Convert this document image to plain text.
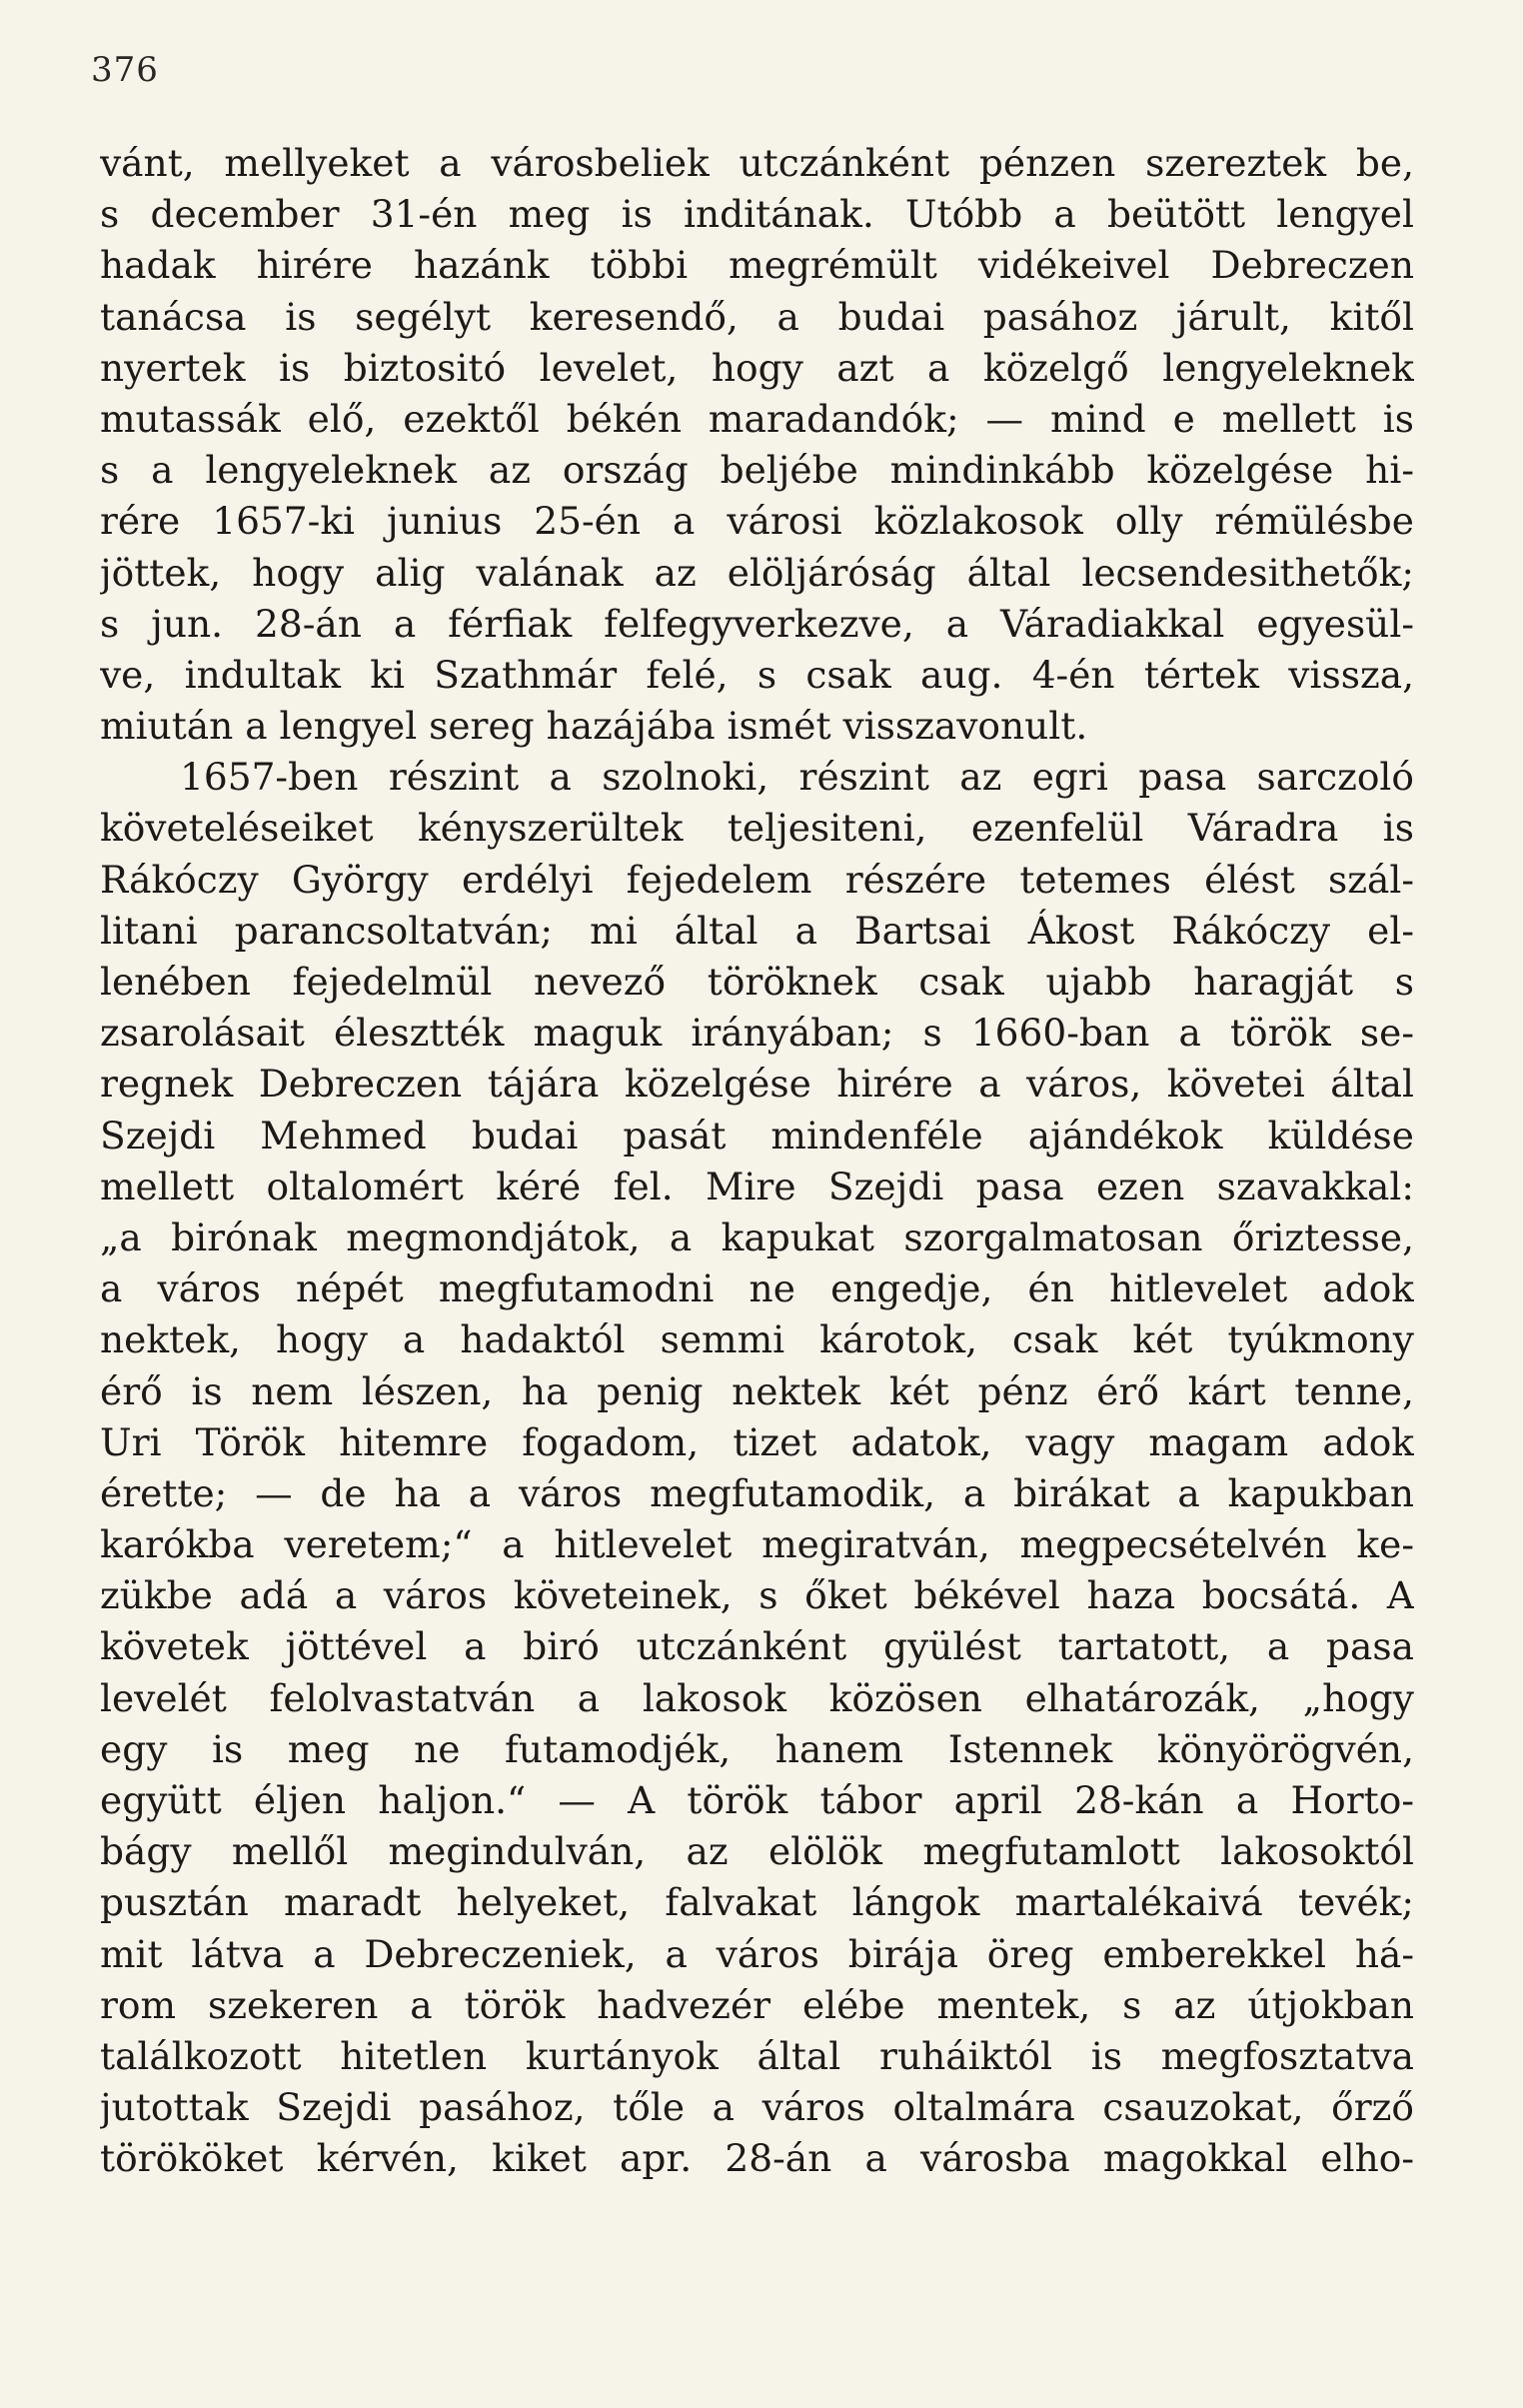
376
vánt, mellyeket a városbeliek utczánként pénzen szereztek be,
s december 31-én meg is inditának. Utóbb a beütött lengyel
hadak hirére hazánk többi megrémült vidékeivel Debreczen
tanácsa is segélyt keresendő, a budai pasához járult, kitől
nyertek is biztositó levelet, hogy azt a közelgő lengyeleknek
mutassák elő, ezektől békén maradandók; — mind e mellett is
s a lengyeleknek az ország beljébe mindinkább közelgése hi-
rére 1657-ki junius 25-én a városi közlakosok olly rémülésbe
jöttek, hogy alig valának az elöljáróság által lecsendesithetők;
s jun. 28-án a férfiak felfegyverkezve, a Váradiakkal egyesül-
ve, indultak ki Szathmár felé, s csak aug. 4-én tértek vissza,
miután a lengyel sereg hazájába ismét visszavonult.
1657-ben részint a szolnoki, részint az egri pasa sarczoló
követeléseiket kényszerültek teljesiteni, ezenfelül Váradra is
Rákóczy György erdélyi fejedelem részére tetemes élést szál-
litani parancsoltatván; mi által a Bartsai Ákost Rákóczy el-
lenében fejedelmül nevező töröknek csak ujabb haragját s
zsarolásait élesztték maguk irányában; s 1660-ban a török se-
regnek Debreczen tájára közelgése hirére a város, követei által
Szejdi Mehmed budai pasát mindenféle ajándékok küldése
mellett oltalomért kéré fel. Mire Szejdi pasa ezen szavakkal:
„a birónak megmondjátok, a kapukat szorgalmatosan őriztesse,
a város népét megfutamodni ne engedje, én hitlevelet adok
nektek, hogy a hadaktól semmi károtok, csak két tyúkmony
érő is nem lészen, ha penig nektek két pénz érő kárt tenne,
Uri Török hitemre fogadom, tizet adatok, vagy magam adok
érette; — de ha a város megfutamodik, a birákat a kapukban
karókba veretem;“ a hitlevelet megiratván, megpecsételvén ke-
zükbe adá a város követeinek, s őket békével haza bocsátá. A
követek jöttével a biró utczánként gyülést tartatott, a pasa
levelét felolvastatván a lakosok közösen elhatározák, „hogy
egy is meg ne futamodjék, hanem Istennek könyörögvén,
együtt éljen haljon.“ — A török tábor april 28-kán a Horto-
bágy mellől megindulván, az elölök megfutamlott lakosoktól
pusztán maradt helyeket, falvakat lángok martalékaivá tevék;
mit látva a Debreczeniek, a város birája öreg emberekkel há-
rom szekeren a török hadvezér elébe mentek, s az útjokban
találkozott hitetlen kurtányok által ruháiktól is megfosztatva
jutottak Szejdi pasához, tőle a város oltalmára csauzokat, őrző
törököket kérvén, kiket apr. 28-án a városba magokkal elho-
